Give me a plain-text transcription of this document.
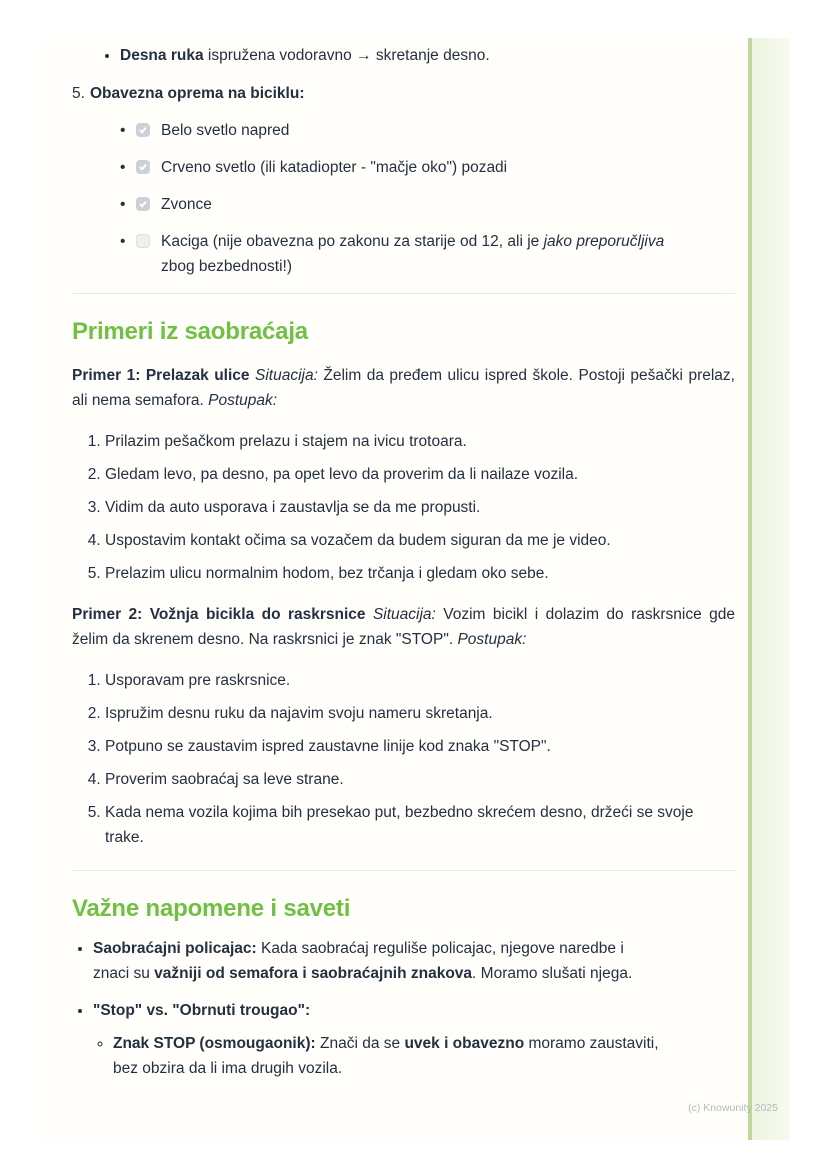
• Desna ruka ispružena vodoravno → skretanje desno.
5. Obavezna oprema na biciklu:
• Belo svetlo napred
• Crveno svetlo (ili katadiopter - "mačje oko") pozadi
• Zvonce
• Kaciga (nije obavezna po zakonu za starije od 12, ali je jako preporučljiva zbog bezbednosti!)
Primeri iz saobraćaja

Primer 1: Prelazak ulice Situacija: Želim da pređem ulicu ispred škole. Postoji pešački prelaz, ali nema semafora. Postupak:

1. Prilazim pešačkom prelazu i stajem na ivicu trotoara.
2. Gledam levo, pa desno, pa opet levo da proverim da li nailaze vozila.
3. Vidim da auto usporava i zaustavlja se da me propusti.
4. Uspostavim kontakt očima sa vozačem da budem siguran da me je video.
5. Prelazim ulicu normalnim hodom, bez trčanja i gledam oko sebe.

Primer 2: Vožnja bicikla do raskrsnice Situacija: Vozim bicikl i dolazim do raskrsnice gde želim da skrenem desno. Na raskrsnici je znak "STOP". Postupak:

1. Usporavam pre raskrsnice.
2. Ispružim desnu ruku da najavim svoju nameru skretanja.
3. Potpuno se zaustavim ispred zaustavne linije kod znaka "STOP".
4. Proverim saobraćaj sa leve strane.
5. Kada nema vozila kojima bih presekao put, bezbedno skrećem desno, držeći se svoje trake.
Važne napomene i saveti
• Saobraćajni policajac: Kada saobraćaj reguliše policajac, njegove naredbe i znaci su važniji od semafora i saobraćajnih znakova. Moramo slušati njega.
• "Stop" vs. "Obrnuti trougao":
◦ Znak STOP (osmougaonik): Znači da se uvek i obavezno moramo zaustaviti, bez obzira da li ima drugih vozila.
(c) Knowunity 2025
